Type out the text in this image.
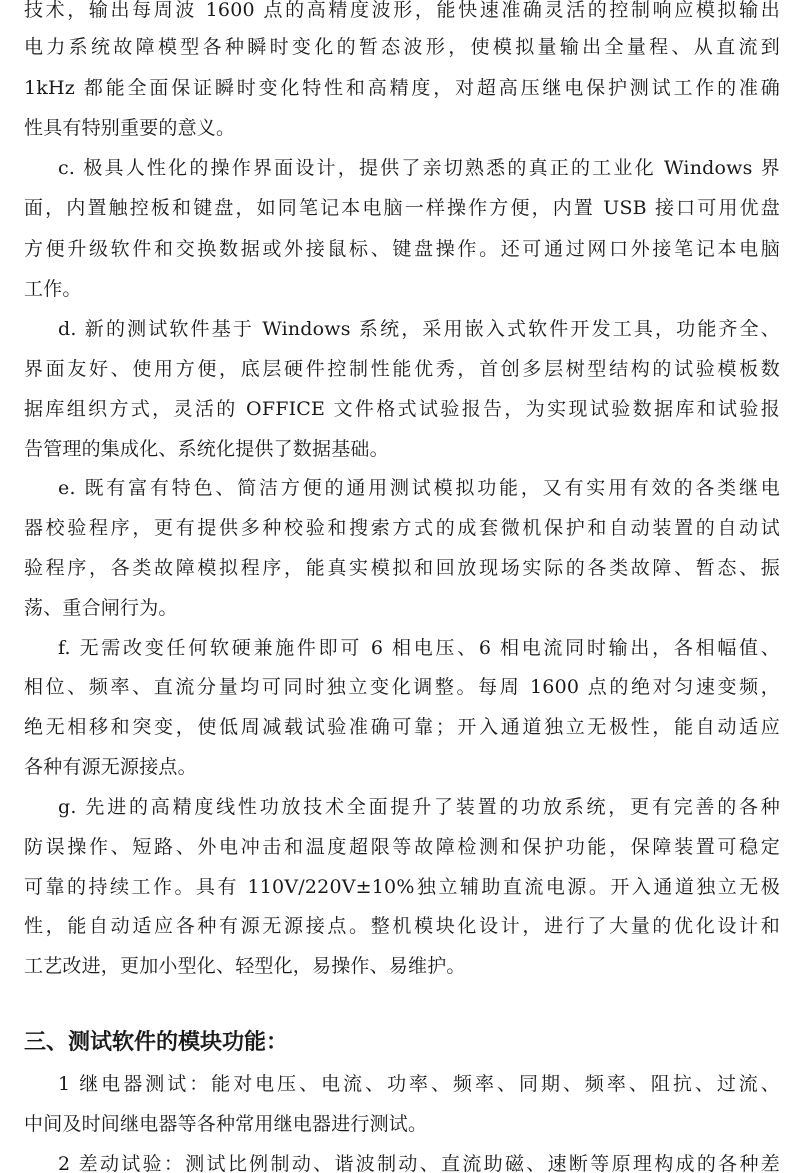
技术，输出每周波 1600 点的高精度波形，能快速准确灵活的控制响应模拟输出
电力系统故障模型各种瞬时变化的暂态波形，使模拟量输出全量程、从直流到
1kHz 都能全面保证瞬时变化特性和高精度，对超高压继电保护测试工作的准确
性具有特别重要的意义。
c. 极具人性化的操作界面设计，提供了亲切熟悉的真正的工业化 Windows 界
面，内置触控板和键盘，如同笔记本电脑一样操作方便，内置 USB 接口可用优盘
方便升级软件和交换数据或外接鼠标、键盘操作。还可通过网口外接笔记本电脑
工作。
d. 新的测试软件基于 Windows 系统，采用嵌入式软件开发工具，功能齐全、
界面友好、使用方便，底层硬件控制性能优秀，首创多层树型结构的试验模板数
据库组织方式，灵活的 OFFICE 文件格式试验报告，为实现试验数据库和试验报
告管理的集成化、系统化提供了数据基础。
e. 既有富有特色、简洁方便的通用测试模拟功能，又有实用有效的各类继电
器校验程序，更有提供多种校验和搜索方式的成套微机保护和自动装置的自动试
验程序，各类故障模拟程序，能真实模拟和回放现场实际的各类故障、暂态、振
荡、重合闸行为。
f. 无需改变任何软硬兼施件即可 6 相电压、6 相电流同时输出，各相幅值、
相位、频率、直流分量均可同时独立变化调整。每周 1600 点的绝对匀速变频，
绝无相移和突变，使低周减载试验准确可靠；开入通道独立无极性，能自动适应
各种有源无源接点。
g. 先进的高精度线性功放技术全面提升了装置的功放系统，更有完善的各种
防误操作、短路、外电冲击和温度超限等故障检测和保护功能，保障装置可稳定
可靠的持续工作。具有 110V/220V±10%独立辅助直流电源。开入通道独立无极
性，能自动适应各种有源无源接点。整机模块化设计，进行了大量的优化设计和
工艺改进，更加小型化、轻型化，易操作、易维护。
三、测试软件的模块功能：
1 继电器测试：能对电压、电流、功率、频率、同期、频率、阻抗、过流、
中间及时间继电器等各种常用继电器进行测试。
2 差动试验：测试比例制动、谐波制动、直流助磁、速断等原理构成的各种差
